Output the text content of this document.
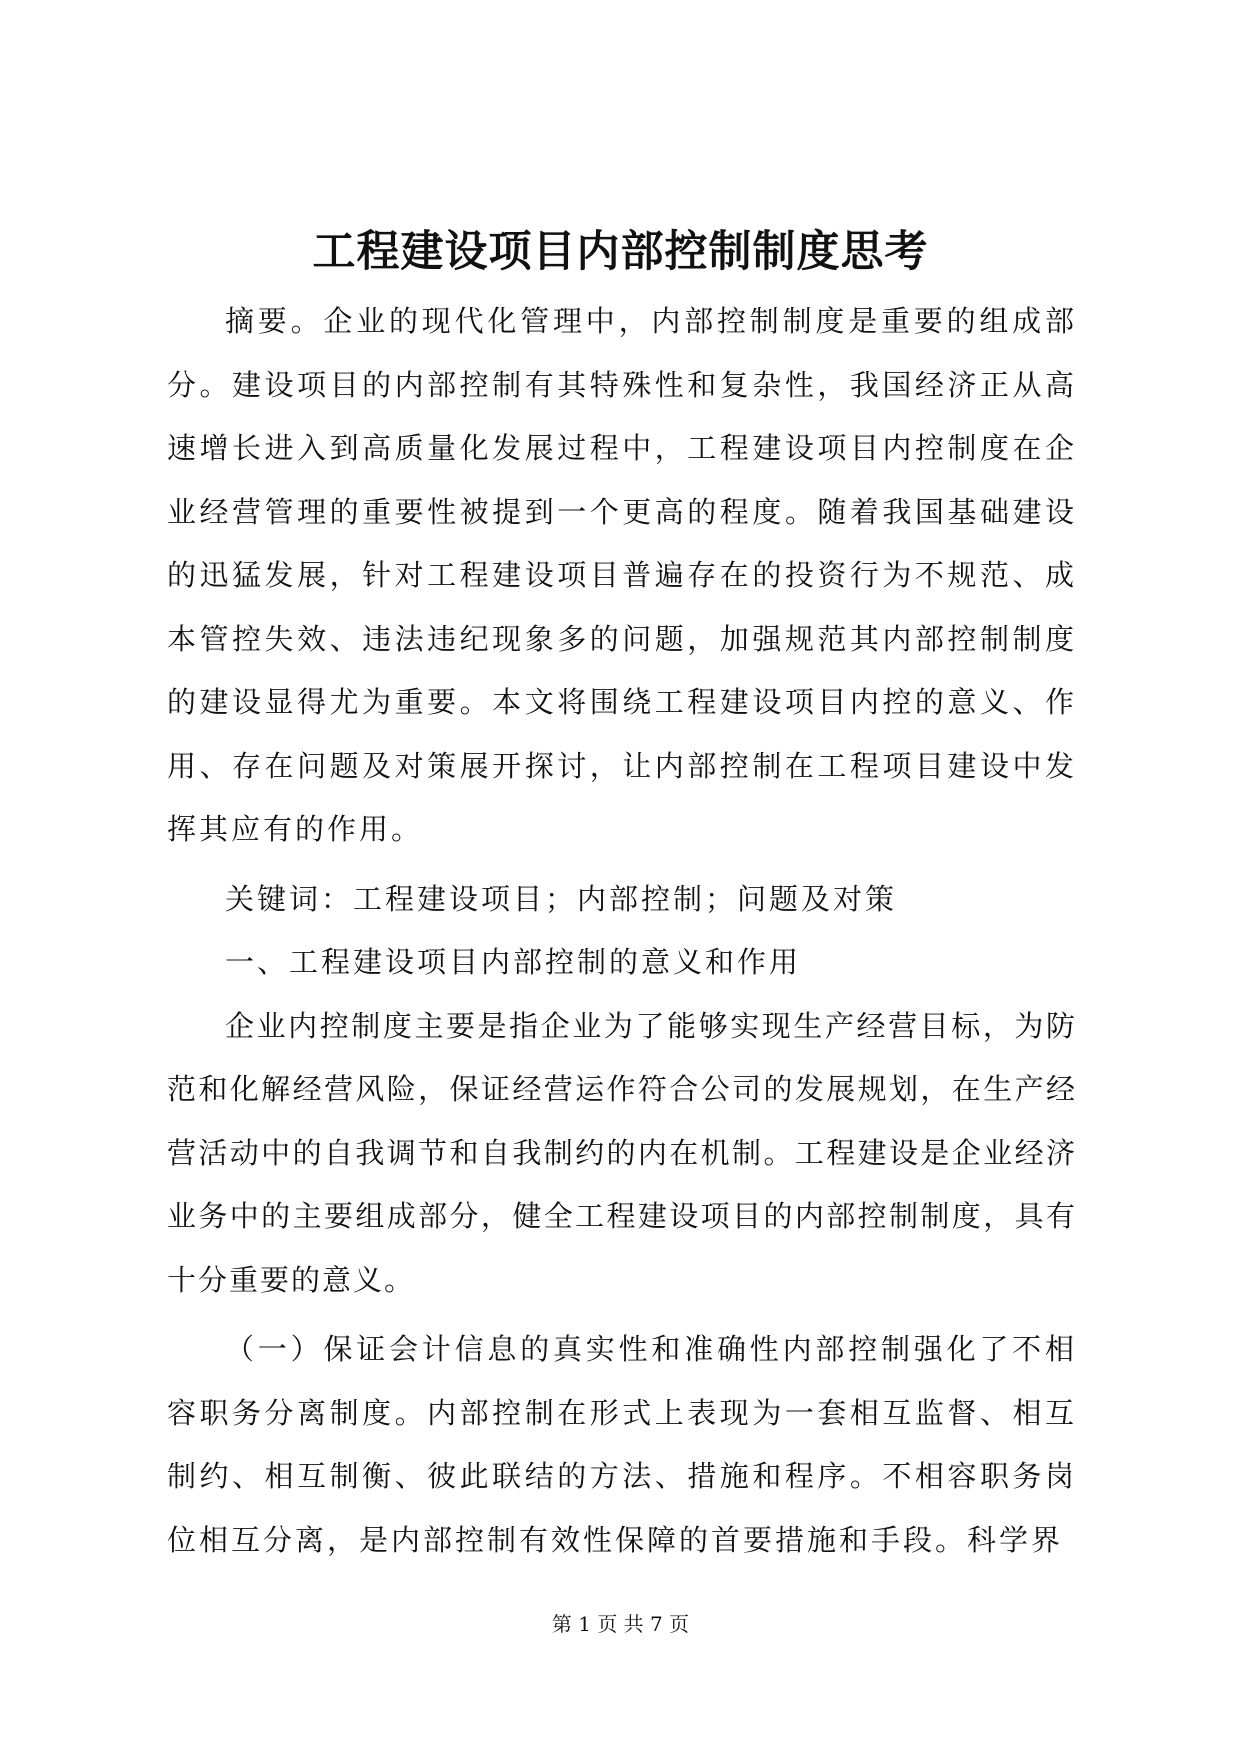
工程建设项目内部控制制度思考

摘要。企业的现代化管理中，内部控制制度是重要的组成部分。建设项目的内部控制有其特殊性和复杂性，我国经济正从高速增长进入到高质量化发展过程中，工程建设项目内控制度在企业经营管理的重要性被提到一个更高的程度。随着我国基础建设的迅猛发展，针对工程建设项目普遍存在的投资行为不规范、成本管控失效、违法违纪现象多的问题，加强规范其内部控制制度的建设显得尤为重要。本文将围绕工程建设项目内控的意义、作用、存在问题及对策展开探讨，让内部控制在工程项目建设中发挥其应有的作用。

关键词：工程建设项目；内部控制；问题及对策

一、工程建设项目内部控制的意义和作用

企业内控制度主要是指企业为了能够实现生产经营目标，为防范和化解经营风险，保证经营运作符合公司的发展规划，在生产经营活动中的自我调节和自我制约的内在机制。工程建设是企业经济业务中的主要组成部分，健全工程建设项目的内部控制制度，具有十分重要的意义。

（一）保证会计信息的真实性和准确性内部控制强化了不相容职务分离制度。内部控制在形式上表现为一套相互监督、相互制约、相互制衡、彼此联结的方法、措施和程序。不相容职务岗位相互分离，是内部控制有效性保障的首要措施和手段。科学界

第 1 页 共 7 页
